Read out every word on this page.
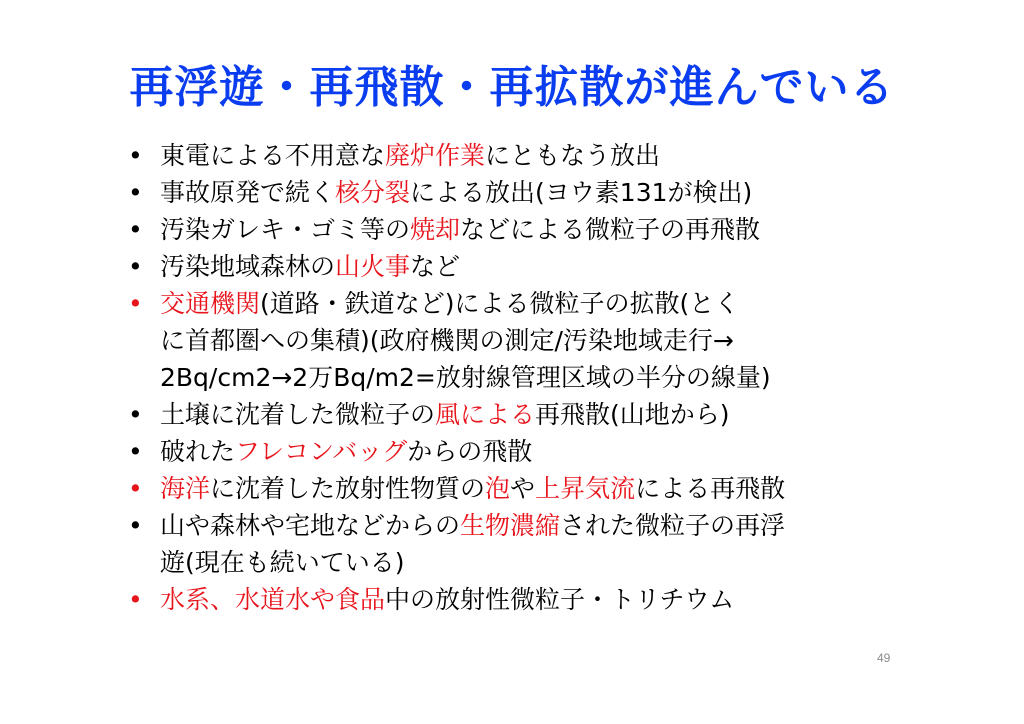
再浮遊・再飛散・再拡散が進んでいる
• 東電による不用意な廃炉作業にともなう放出
• 事故原発で続く核分裂による放出(ヨウ素131が検出)
• 汚染ガレキ・ゴミ等の焼却などによる微粒子の再飛散
• 汚染地域森林の山火事など
• 交通機関(道路・鉄道など)による微粒子の拡散(とく
に首都圏への集積)(政府機関の測定/汚染地域走行→
2Bq/cm2→2万Bq/m2=放射線管理区域の半分の線量)
• 土壌に沈着した微粒子の風による再飛散(山地から)
• 破れたフレコンバッグからの飛散
• 海洋に沈着した放射性物質の泡や上昇気流による再飛散
• 山や森林や宅地などからの生物濃縮された微粒子の再浮
遊(現在も続いている)
• 水系、水道水や食品中の放射性微粒子・トリチウム
49
